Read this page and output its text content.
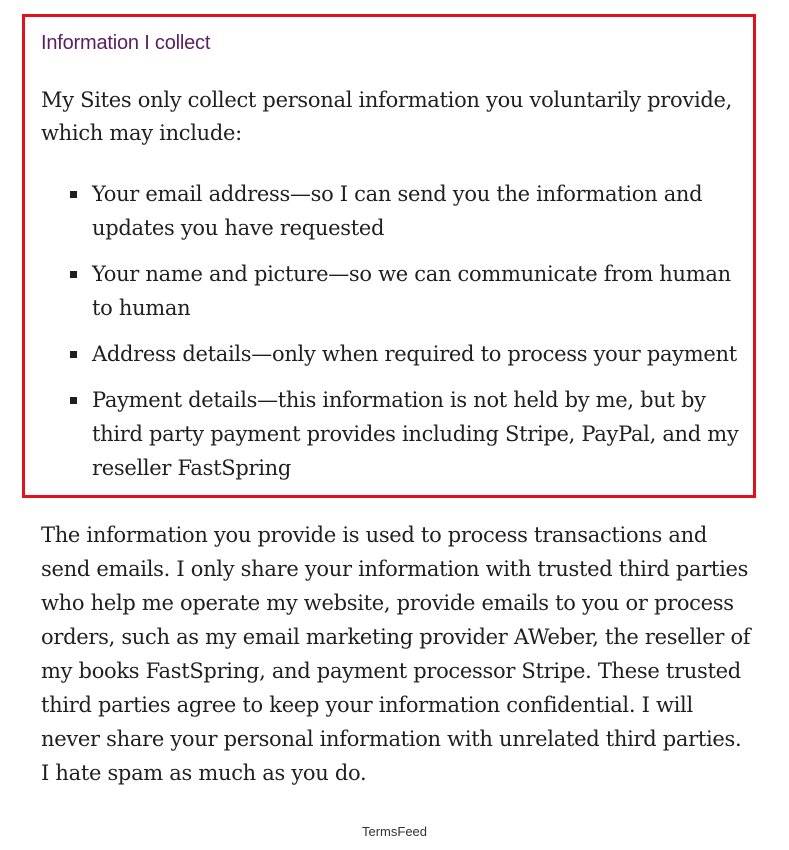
Information I collect

My Sites only collect personal information you voluntarily provide, which may include:

Your email address—so I can send you the information and updates you have requested
Your name and picture—so we can communicate from human to human
Address details—only when required to process your payment
Payment details—this information is not held by me, but by third party payment provides including Stripe, PayPal, and my reseller FastSpring

The information you provide is used to process transactions and send emails. I only share your information with trusted third parties who help me operate my website, provide emails to you or process orders, such as my email marketing provider AWeber, the reseller of my books FastSpring, and payment processor Stripe. These trusted third parties agree to keep your information confidential. I will never share your personal information with unrelated third parties. I hate spam as much as you do.

TermsFeed
